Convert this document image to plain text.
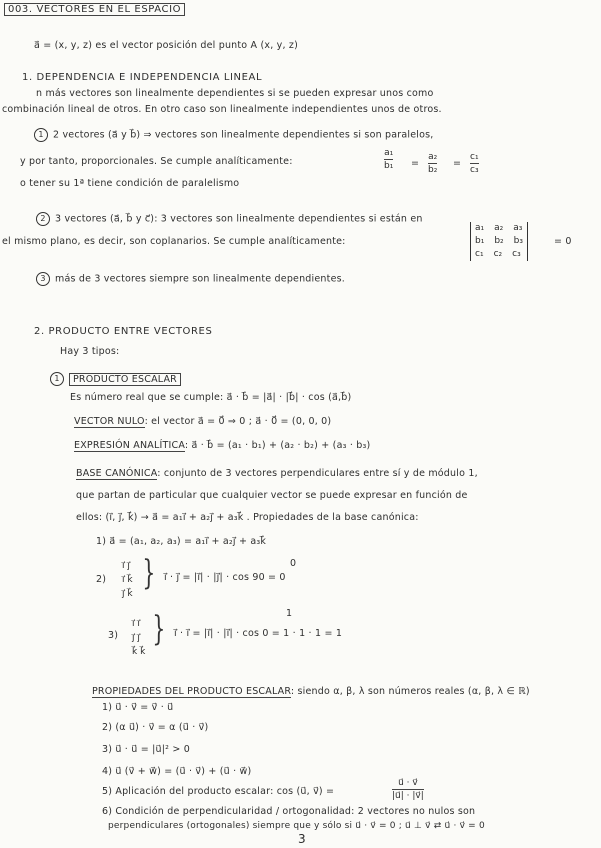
003. VECTORES EN EL ESPACIO
a⃗ = (x, y, z) es el vector posición del punto A (x, y, z)
1. DEPENDENCIA E INDEPENDENCIA LINEAL
n más vectores son linealmente dependientes si se pueden expresar unos como
combinación lineal de otros. En otro caso son linealmente independientes unos de otros.
1 2 vectores (a⃗ y b⃗) ⇒ vectores son linealmente dependientes si son paralelos,
y por tanto, proporcionales. Se cumple analíticamente:
a₁
b₁ =
a₂
b₂
=
c₁
c₃
o tener su 1ª tiene condición de paralelismo
2 3 vectores (a⃗, b⃗ y c⃗): 3 vectores son linealmente dependientes si están en
el mismo plano, es decir, son coplanarios. Se cumple analíticamente:
a₁ a₂ a₃
b₁ b₂ b₃
c₁ c₂ c₃
= 0
3 más de 3 vectores siempre son linealmente dependientes.
2. PRODUCTO ENTRE VECTORES
Hay 3 tipos:
1 PRODUCTO ESCALAR
Es número real que se cumple: a⃗ · b⃗ = |a⃗| · |b⃗| · cos (a⃗,b⃗)
VECTOR NULO: el vector a⃗ = 0⃗ ⇒ 0 ; a⃗ · 0⃗ = (0, 0, 0)
EXPRESIÓN ANALÍTICA: a⃗ · b⃗ = (a₁ · b₁) + (a₂ · b₂) + (a₃ · b₃)
BASE CANÓNICA: conjunto de 3 vectores perpendiculares entre sí y de módulo 1,
que partan de particular que cualquier vector se puede expresar en función de
ellos: (i⃗, j⃗, k⃗) → a⃗ = a₁i⃗ + a₂j⃗ + a₃k⃗ . Propiedades de la base canónica:
1) a⃗ = (a₁, a₂, a₃) = a₁i⃗ + a₂j⃗ + a₃k⃗
2)
i⃗ j⃗
i⃗ k⃗
j⃗ k⃗
}	0
i⃗ · j⃗ = |i⃗| · |j⃗| · cos 90 = 0
3)
i⃗ i⃗
j⃗ j⃗
k⃗ k⃗
}	1
i⃗ · i⃗ = |i⃗| · |i⃗| · cos 0 = 1 · 1 · 1 = 1
PROPIEDADES DEL PRODUCTO ESCALAR: siendo α, β, λ son números reales (α, β, λ ∈ ℝ)
1) u⃗ · v⃗ = v⃗ · u⃗
2) (α u⃗) · v⃗ = α (u⃗ · v⃗)
3) u⃗ · u⃗ = |u⃗|² > 0
4) u⃗ (v⃗ + w⃗) = (u⃗ · v⃗) + (u⃗ · w⃗)
5) Aplicación del producto escalar: cos (u⃗, v⃗) =
u⃗ · v⃗
|u⃗| · |v⃗|
6) Condición de perpendicularidad / ortogonalidad: 2 vectores no nulos son
perpendiculares (ortogonales) siempre que y sólo si u⃗ · v⃗ = 0 ; u⃗ ⊥ v⃗ ⇄ u⃗ · v⃗ = 0
3
